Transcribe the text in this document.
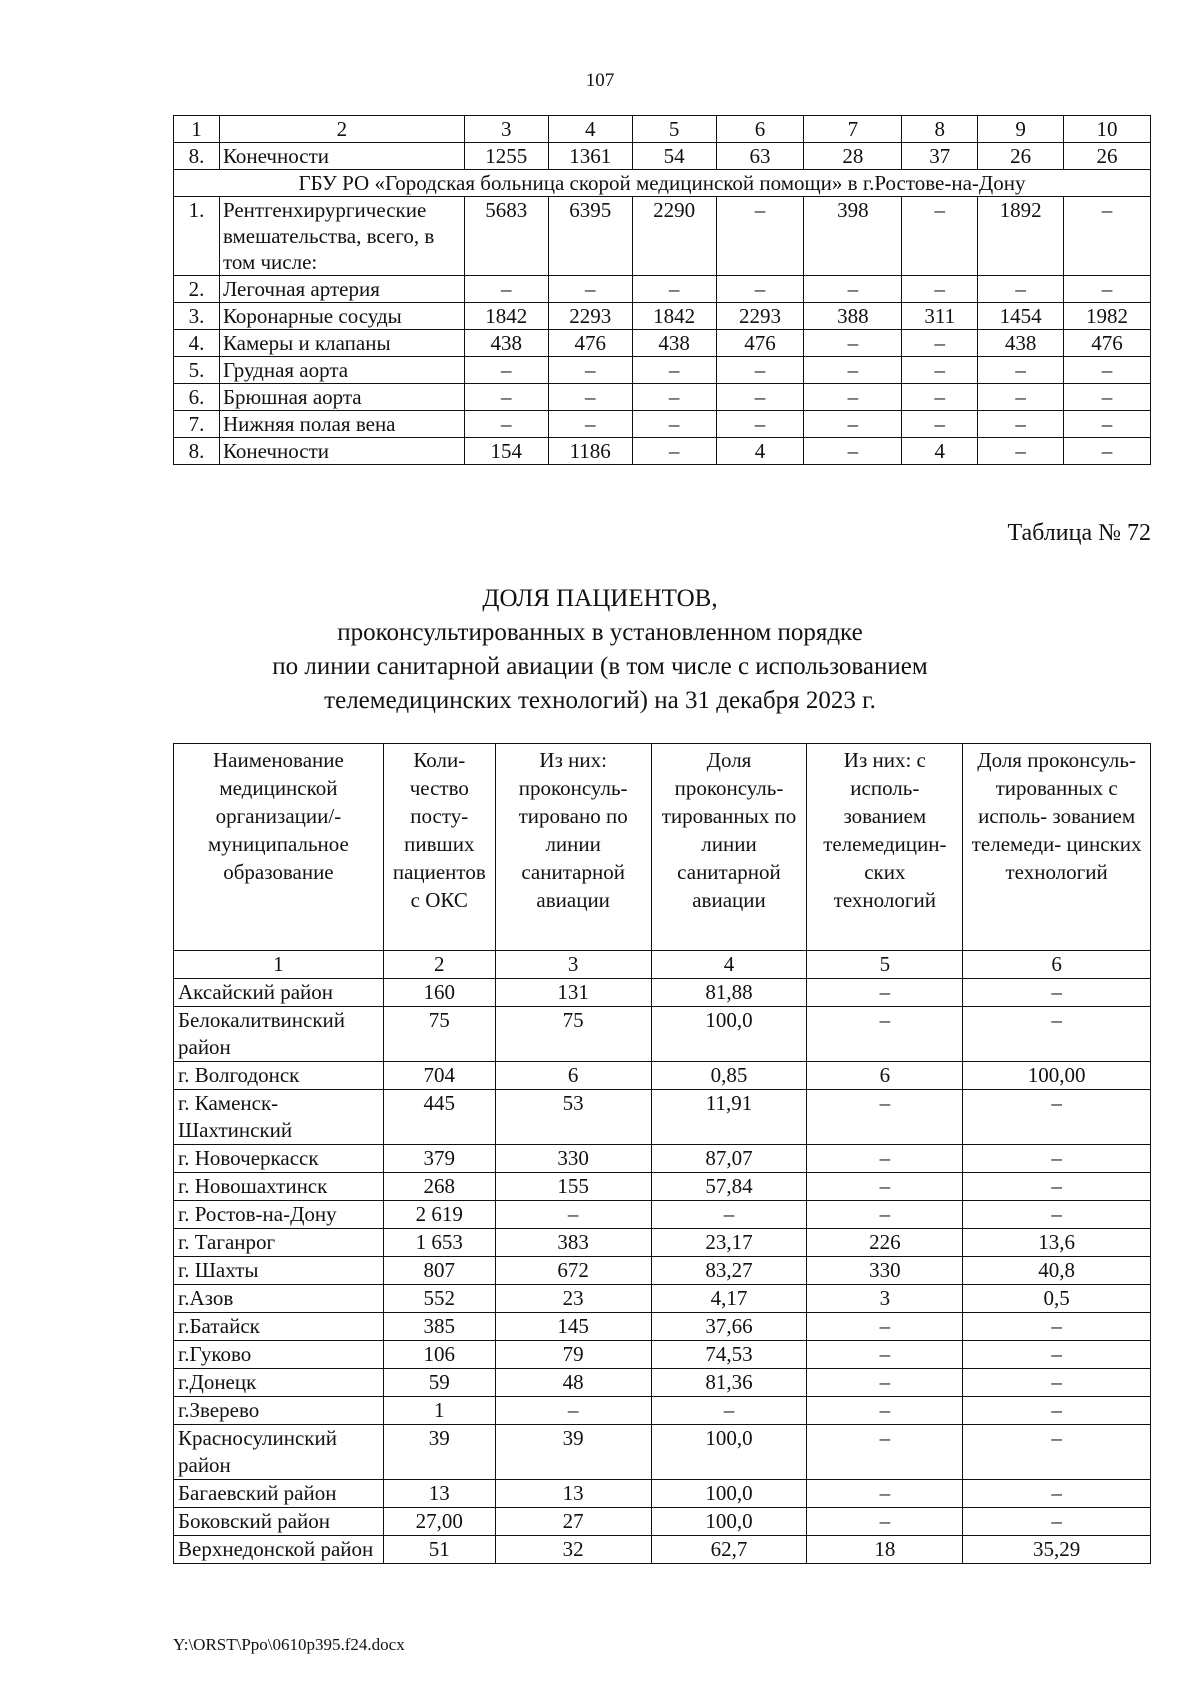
107
1	2	3	4	5	6	7	8	9	10
8.	Конечности	1255	1361	54	63	28	37	26	26
ГБУ РО «Городская больница скорой медицинской помощи» в г.Ростове-на-Дону									
1.	Рентгенхирургические вмешательства, всего, в том числе:	5683	6395	2290	–	398	–	1892	–
2.	Легочная артерия	–	–	–	–	–	–	–	–
3.	Коронарные сосуды	1842	2293	1842	2293	388	311	1454	1982
4.	Камеры и клапаны	438	476	438	476	–	–	438	476
5.	Грудная аорта	–	–	–	–	–	–	–	–
6.	Брюшная аорта	–	–	–	–	–	–	–	–
7.	Нижняя полая вена	–	–	–	–	–	–	–	–
8.	Конечности	154	1186	–	4	–	4	–	–
Таблица № 72
ДОЛЯ ПАЦИЕНТОВ,
проконсультированных в установленном порядке
по линии санитарной авиации (в том числе с использованием
телемедицинских технологий) на 31 декабря 2023 г.
Наименование медицинской организации/- муниципальное образование	Коли- чество посту- пивших пациентов с ОКС	Из них: проконсуль- тировано по линии санитарной авиации	Доля проконсуль- тированных по линии санитарной авиации	Из них: с исполь- зованием телемедицин- ских технологий	Доля проконсуль- тированных с исполь- зованием телемеди- цинских технологий
1	2	3	4	5	6
Аксайский район	160	131	81,88	–	–
Белокалитвинский район	75	75	100,0	–	–
г. Волгодонск	704	6	0,85	6	100,00
г. Каменск-Шахтинский	445	53	11,91	–	–
г. Новочеркасск	379	330	87,07	–	–
г. Новошахтинск	268	155	57,84	–	–
г. Ростов-на-Дону	2 619	–	–	–	–
г. Таганрог	1 653	383	23,17	226	13,6
г. Шахты	807	672	83,27	330	40,8
г.Азов	552	23	4,17	3	0,5
г.Батайск	385	145	37,66	–	–
г.Гуково	106	79	74,53	–	–
г.Донецк	59	48	81,36	–	–
г.Зверево	1	–	–	–	–
Красносулинский район	39	39	100,0	–	–
Багаевский район	13	13	100,0	–	–
Боковский район	27,00	27	100,0	–	–
Верхнедонской район	51	32	62,7	18	35,29
Y:\ORST\Ppo\0610p395.f24.docx
